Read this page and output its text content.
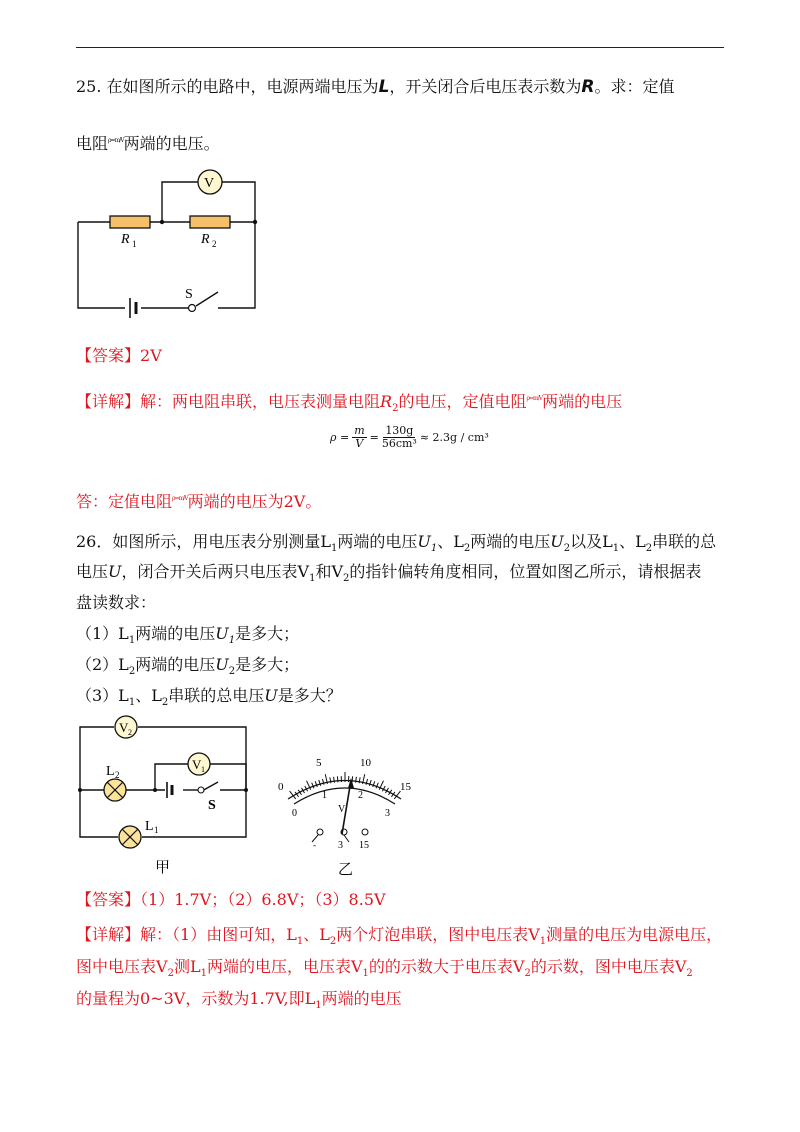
25. 在如图所示的电路中，电源两端电压为L，开关闭合后电压表示数为R。求：定值
电阻$^{\rho=m/V}$两端的电压。
V
R 1	R 2
S
【答案】2V
【详解】解：两电阻串联，电压表测量电阻$R_2$的电压，定值电阻$^{\rho=m/V}$两端的电压
$\rho = \frac{m}{V} = \frac{130g}{\text{56cm³}} \approx 2.3g / cm^3$
答：定值电阻$^{\rho=m/V}$两端的电压为2V。
26．如图所示，用电压表分别测量$L_1$两端的电压$U_1$、$L_2$两端的电压$U_2$以及$L_1$、$L_2$串联的总
电压U，闭合开关后两只电压表$V_1$和$V_2$的指针偏转角度相同，位置如图乙所示，请根据表
盘读数求：
$(1)L_1$两端的电压$U_1$是多大；
$(2)L_2$两端的电压$U_2$是多大；
$(3)L_1$、$L_2$串联的总电压U是多大？
V 2
V 1
L 2
L 1
S
甲
0
5	10
15
0
1	2
3
V
- 3 15
乙
【答案】（1）1.7V；（2）6.8V；（3）8.5V
【详解】解：（1）由图可知，$L_1$、$L_2$两个灯泡串联，图中电压表$V_1$测量的电压为电源电压，
图中电压表$V_2$测$L_1$两端的电压，电压表$V_1$的的示数大于电压表$V_2$的示数，图中电压表$V_2$
的量程为0~3V，示数为1.7V,即$L_1$两端的电压
